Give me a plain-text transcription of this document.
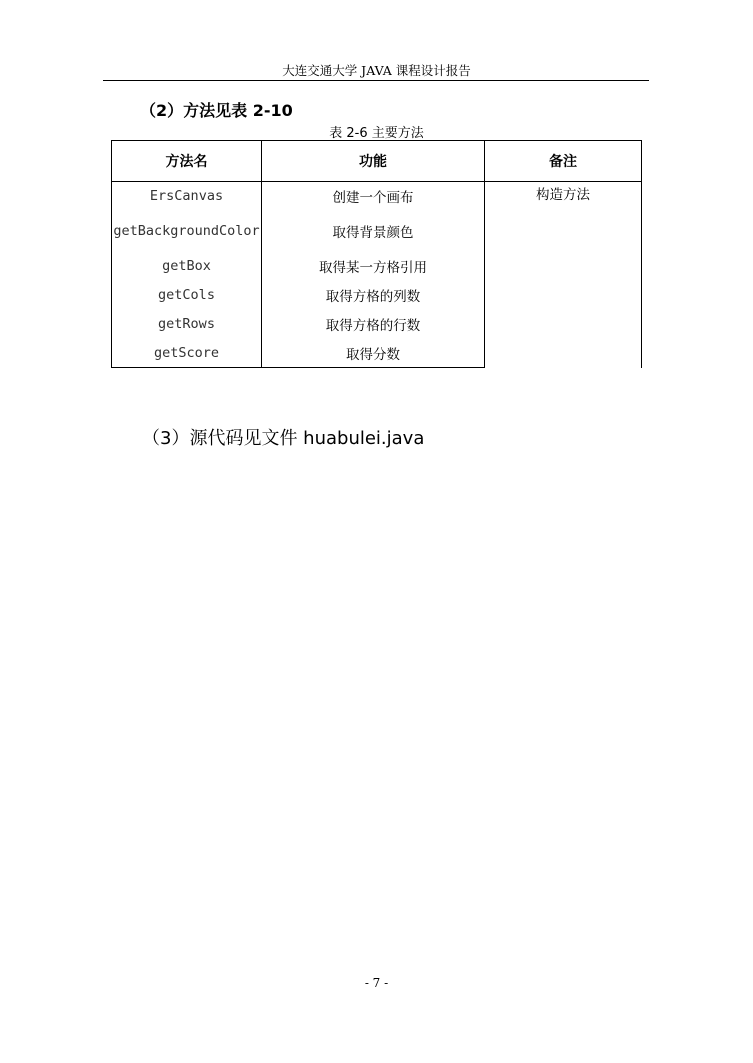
大连交通大学 JAVA 课程设计报告
（2）方法见表 2-10
表 2-6 主要方法
方法名	功能	备注
ErsCanvas	创建一个画布	构造方法
getBackgroundColor	取得背景颜色	
getBox	取得某一方格引用	
getCols	取得方格的列数	
getRows	取得方格的行数	
getScore	取得分数	
（3）源代码见文件 huabulei.java
- 7 -
